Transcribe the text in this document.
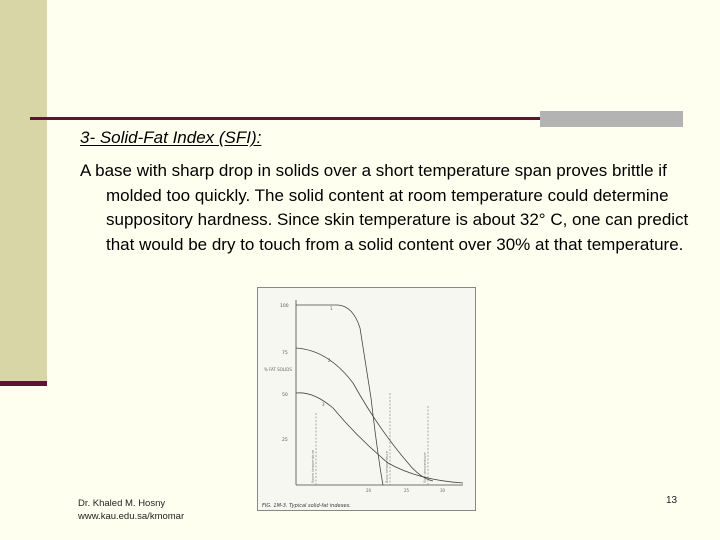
3- Solid-Fat Index (SFI):
A base with sharp drop in solids over a short temperature span proves brittle if molded too quickly. The solid content at room temperature could determine suppository hardness. Since skin temperature is about 32° C, one can predict that would be dry to touch from a solid content over 30% at that temperature.
100
75
50
25
% FAT SOLIDS
20	25	30
Room temperature	Body temperature	Skin temperature
1
2
3
FIG. 1M-3. Typical solid-fat indexes.
Dr. Khaled M. Hosny
www.kau.edu.sa/kmomar
13
